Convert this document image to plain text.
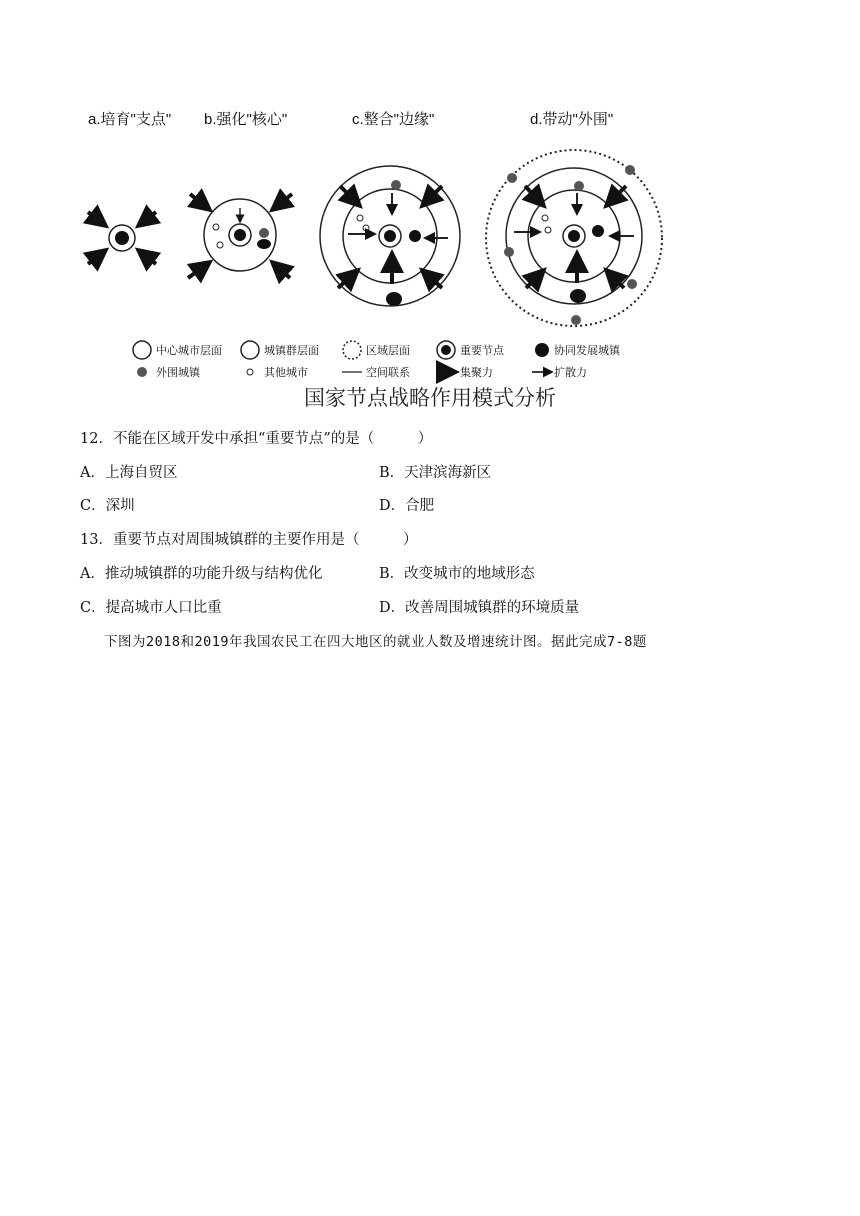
a.培育"支点" b.强化"核心"	c.整合"边缘"	d.带动"外围"
中心城市层面	城镇群层面	区域层面	重要节点	协同发展城镇
外围城镇	其他城市	空间联系	集聚力	扩散力
国家节点战略作用模式分析
12．不能在区域开发中承担“重要节点”的是（　　　）
A．上海自贸区	B．天津滨海新区
C．深圳	D．合肥
13．重要节点对周围城镇群的主要作用是（　　　）
A．推动城镇群的功能升级与结构优化	B．改变城市的地域形态
C．提高城市人口比重	D．改善周围城镇群的环境质量
下图为2018和2019年我国农民工在四大地区的就业人数及增速统计图。据此完成7-8题
